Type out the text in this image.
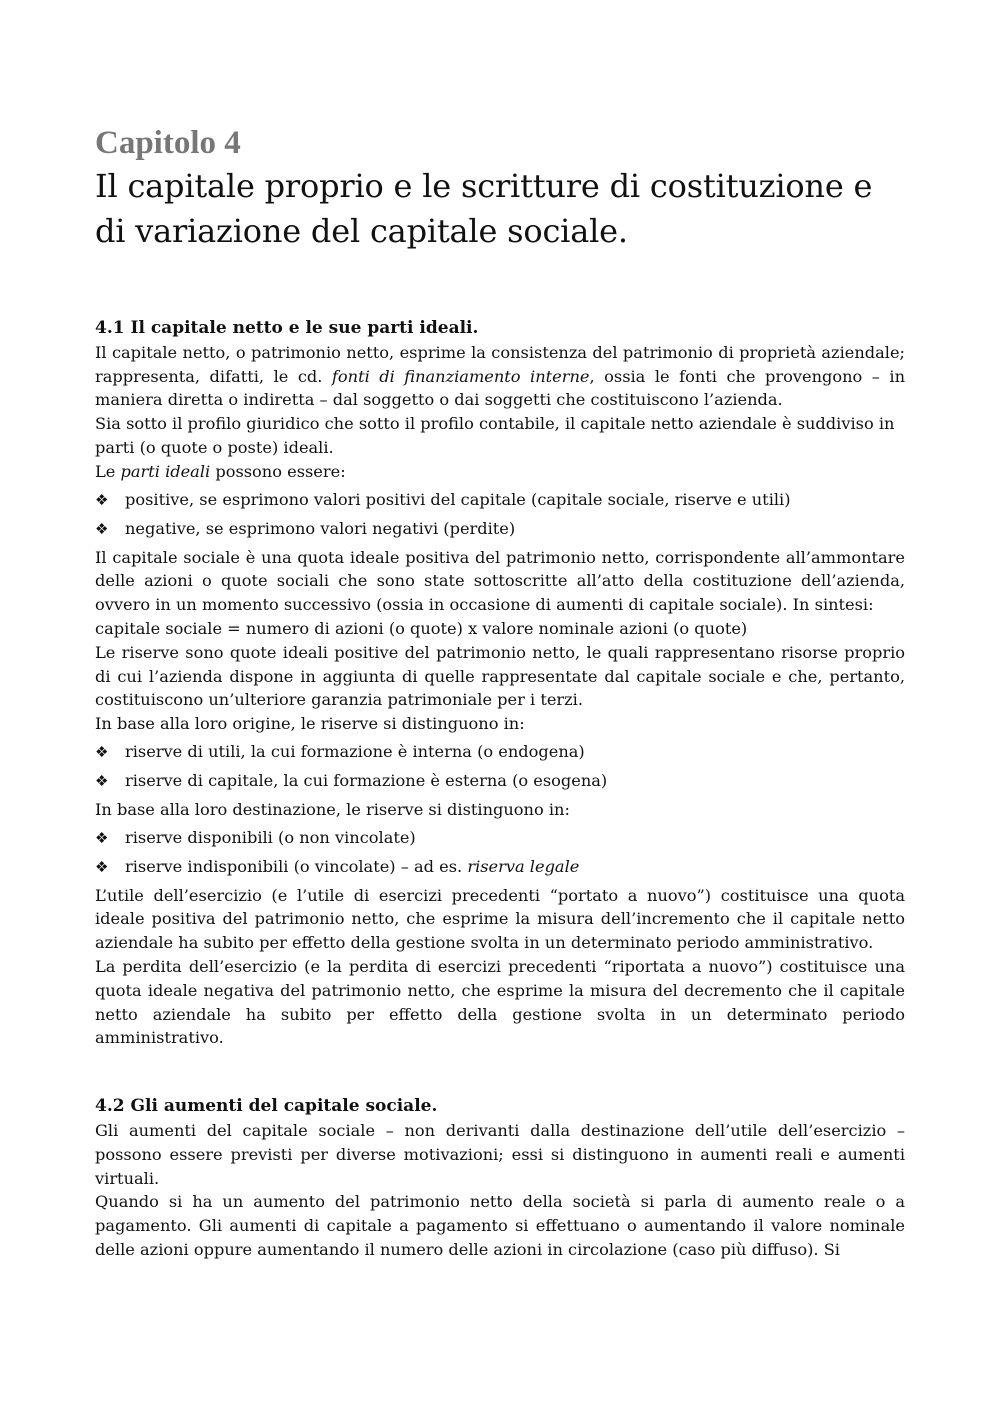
Capitolo 4
Il capitale proprio e le scritture di costituzione e di variazione del capitale sociale.
4.1 Il capitale netto e le sue parti ideali.

Il capitale netto, o patrimonio netto, esprime la consistenza del patrimonio di proprietà aziendale; rappresenta, difatti, le cd. fonti di finanziamento interne, ossia le fonti che provengono – in maniera diretta o indiretta – dal soggetto o dai soggetti che costituiscono l’azienda.

Sia sotto il profilo giuridico che sotto il profilo contabile, il capitale netto aziendale è suddiviso in parti (o quote o poste) ideali.

Le parti ideali possono essere:

❖	positive, se esprimono valori positivi del capitale (capitale sociale, riserve e utili)
❖	negative, se esprimono valori negativi (perdite)

Il capitale sociale è una quota ideale positiva del patrimonio netto, corrispondente all’ammontare delle azioni o quote sociali che sono state sottoscritte all’atto della costituzione dell’azienda, ovvero in un momento successivo (ossia in occasione di aumenti di capitale sociale). In sintesi:

capitale sociale = numero di azioni (o quote) x valore nominale azioni (o quote)

Le riserve sono quote ideali positive del patrimonio netto, le quali rappresentano risorse proprio di cui l’azienda dispone in aggiunta di quelle rappresentate dal capitale sociale e che, pertanto, costituiscono un’ulteriore garanzia patrimoniale per i terzi.

In base alla loro origine, le riserve si distinguono in:

❖	riserve di utili, la cui formazione è interna (o endogena)
❖	riserve di capitale, la cui formazione è esterna (o esogena)

In base alla loro destinazione, le riserve si distinguono in:

❖	riserve disponibili (o non vincolate)
❖	riserve indisponibili (o vincolate) – ad es. riserva legale

L’utile dell’esercizio (e l’utile di esercizi precedenti “portato a nuovo”) costituisce una quota ideale positiva del patrimonio netto, che esprime la misura dell’incremento che il capitale netto aziendale ha subito per effetto della gestione svolta in un determinato periodo amministrativo.

La perdita dell’esercizio (e la perdita di esercizi precedenti “riportata a nuovo”) costituisce una quota ideale negativa del patrimonio netto, che esprime la misura del decremento che il capitale netto aziendale ha subito per effetto della gestione svolta in un determinato periodo amministrativo.

4.2 Gli aumenti del capitale sociale.

Gli aumenti del capitale sociale – non derivanti dalla destinazione dell’utile dell’esercizio – possono essere previsti per diverse motivazioni; essi si distinguono in aumenti reali e aumenti virtuali.

Quando si ha un aumento del patrimonio netto della società si parla di aumento reale o a pagamento. Gli aumenti di capitale a pagamento si effettuano o aumentando il valore nominale delle azioni oppure aumentando il numero delle azioni in circolazione (caso più diffuso). Si
